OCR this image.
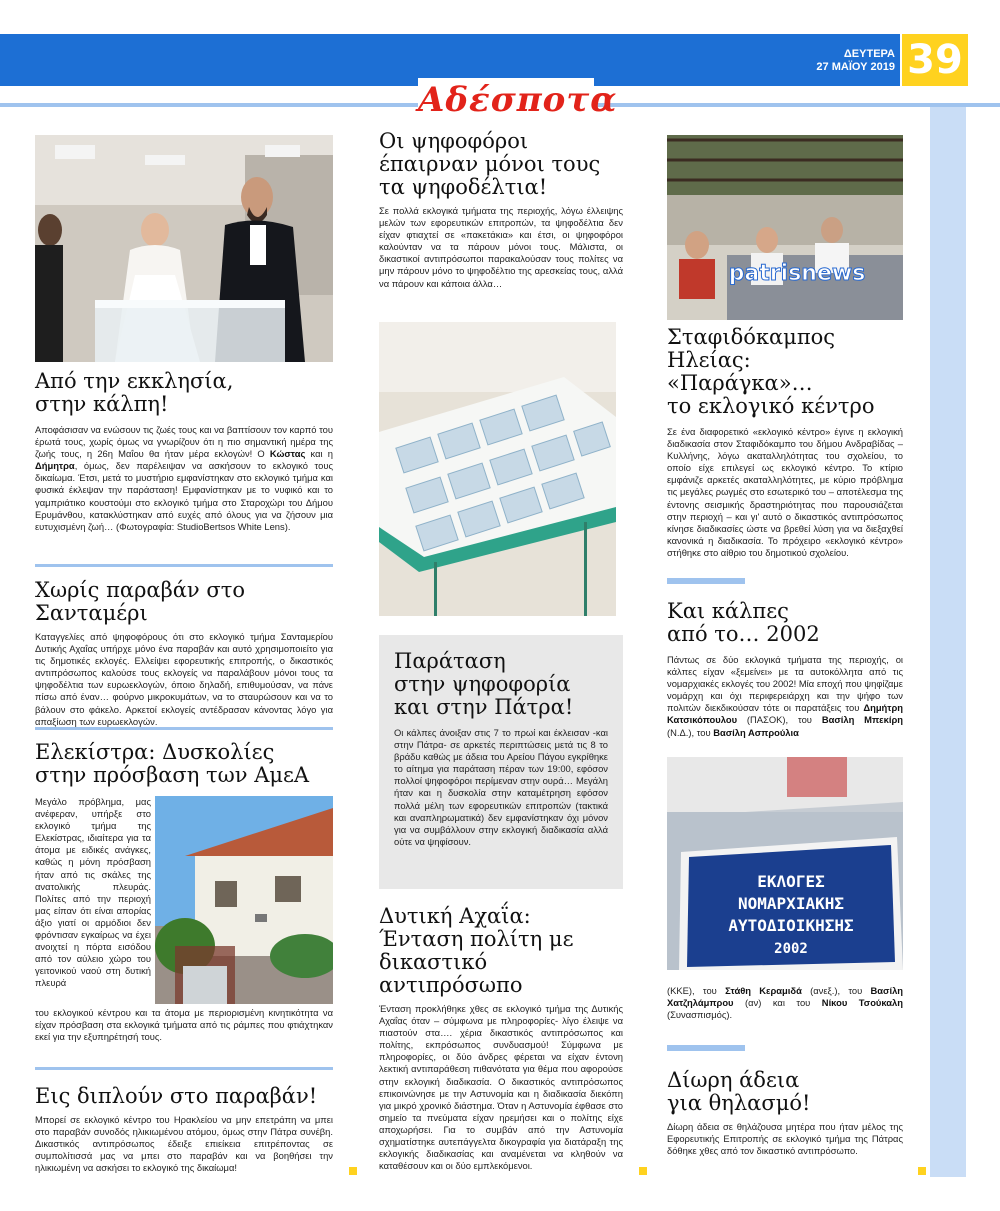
ΔΕΥΤΕΡΑ
27 ΜΑΪΟΥ 2019 39
Αδέσποτα
Από την εκκλησία,
στην κάλπη!
Αποφάσισαν να ενώσουν τις ζωές τους και να βαπτίσουν τον καρπό του έρωτά τους, χωρίς όμως να γνωρίζουν ότι η πιο σημαντική ημέρα της ζωής τους, η 26η Μαΐου θα ήταν μέρα εκλογών! Ο Κώστας και η Δήμητρα, όμως, δεν παρέλειψαν να ασκήσουν το εκλογικό τους δικαίωμα. Έτσι, μετά το μυστήριο εμφανίστηκαν στο εκλογικό τμήμα και φυσικά έκλεψαν την παράσταση! Εμφανίστηκαν με το νυφικό και το γαμπριάτικο κουστούμι στο εκλογικό τμήμα στο Σταροχώρι του Δήμου Ερυμάνθου, κατακλύστηκαν από ευχές από όλους για να ζήσουν μια ευτυχισμένη ζωή… (Φωτογραφία: StudioBertsos White Lens).
Χωρίς παραβάν στο Σανταμέρι
Καταγγελίες από ψηφοφόρους ότι στο εκλογικό τμήμα Σανταμερίου Δυτικής Αχαΐας υπήρχε μόνο ένα παραβάν και αυτό χρησιμοποιείτο για τις δημοτικές εκλογές. Ελλείψει εφορευτικής επιτροπής, ο δικαστικός αντιπρόσωπος καλούσε τους εκλογείς να παραλάβουν μόνοι τους τα ψηφοδέλτια των ευρωεκλογών, όποιο δηλαδή, επιθυμούσαν, να πάνε πίσω από έναν… φούρνο μικροκυμάτων, να το σταυρώσουν και να το βάλουν στο φάκελο. Αρκετοί εκλογείς αντέδρασαν κάνοντας λόγο για απαξίωση των ευρωεκλογών.
Ελεκίστρα: Δυσκολίες
στην πρόσβαση των ΑμεΑ
Μεγάλο πρόβλημα, μας ανέφεραν, υπήρξε στο εκλογικό τμήμα της Ελεκίστρας, ιδιαίτερα για τα άτομα με ειδικές ανάγκες, καθώς η μόνη πρόσβαση ήταν από τις σκάλες της ανατολικής πλευράς. Πολίτες από την περιοχή μας είπαν ότι είναι απορίας άξιο γιατί οι αρμόδιοι δεν φρόντισαν εγκαίρως να έχει ανοιχτεί η πόρτα εισόδου από τον αύλειο χώρο του γειτονικού ναού στη δυτική πλευρά
του εκλογικού κέντρου και τα άτομα με περιορισμένη κινητικότητα να είχαν πρόσβαση στα εκλογικά τμήματα από τις ράμπες που φτιάχτηκαν εκεί για την εξυπηρέτησή τους.
Εις διπλούν στο παραβάν!
Μπορεί σε εκλογικό κέντρο του Ηρακλείου να μην επετράπη να μπει στο παραβάν συνοδός ηλικιωμένου ατόμου, όμως στην Πάτρα συνέβη. Δικαστικός αντιπρόσωπος έδειξε επιείκεια επιτρέποντας σε συμπολίτισσά μας να μπει στο παραβάν και να βοηθήσει την ηλικιωμένη να ασκήσει το εκλογικό της δικαίωμα!
Οι ψηφοφόροι
έπαιρναν μόνοι τους
τα ψηφοδέλτια!
Σε πολλά εκλογικά τμήματα της περιοχής, λόγω έλλειψης μελών των εφορευτικών επιτροπών, τα ψηφοδέλτια δεν είχαν φτιαχτεί σε «πακετάκια» και έτσι, οι ψηφοφόροι καλούνταν να τα πάρουν μόνοι τους. Μάλιστα, οι δικαστικοί αντιπρόσωποι παρακαλούσαν τους πολίτες να μην πάρουν μόνο το ψηφοδέλτιο της αρεσκείας τους, αλλά να πάρουν και κάποια άλλα…
Παράταση
στην ψηφοφορία
και στην Πάτρα!
Οι κάλπες άνοιξαν στις 7 το πρωί και έκλεισαν -και στην Πάτρα- σε αρκετές περιπτώσεις μετά τις 8 το βράδυ καθώς με άδεια του Αρείου Πάγου εγκρίθηκε το αίτημα για παράταση πέραν των 19:00, εφόσον πολλοί ψηφοφόροι περίμεναν στην ουρά… Μεγάλη ήταν και η δυσκολία στην καταμέτρηση εφόσον πολλά μέλη των εφορευτικών επιτροπών (τακτικά και αναπληρωματικά) δεν εμφανίστηκαν όχι μόνον για να συμβάλλουν στην εκλογική διαδικασία αλλά ούτε να ψηφίσουν.
Δυτική Αχαΐα:
Ένταση πολίτη με
δικαστικό αντιπρόσωπο
Ένταση προκλήθηκε χθες σε εκλογικό τμήμα της Δυτικής Αχαΐας όταν – σύμφωνα με πληροφορίες- λίγο έλειψε να πιαστούν στα…. χέρια δικαστικός αντιπρόσωπος και πολίτης, εκπρόσωπος συνδυασμού! Σύμφωνα με πληροφορίες, οι δύο άνδρες φέρεται να είχαν έντονη λεκτική αντιπαράθεση πιθανότατα για θέμα που αφορούσε στην εκλογική διαδικασία. Ο δικαστικός αντιπρόσωπος επικοινώνησε με την Αστυνομία και η διαδικασία διεκόπη για μικρό χρονικό διάστημα. Όταν η Αστυνομία έφθασε στο σημείο τα πνεύματα είχαν ηρεμήσει και ο πολίτης είχε αποχωρήσει. Για το συμβάν από την Αστυνομία σχηματίστηκε αυτεπάγγελτα δικογραφία για διατάραξη της εκλογικής διαδικασίας και αναμένεται να κληθούν να καταθέσουν και οι δύο εμπλεκόμενοι.
patrisnews
Σταφιδόκαμπος Ηλείας:
«Παράγκα»…
το εκλογικό κέντρο
Σε ένα διαφορετικό «εκλογικό κέντρο» έγινε η εκλογική διαδικασία στον Σταφιδόκαμπο του δήμου Ανδραβίδας – Κυλλήνης, λόγω ακαταλληλότητας του σχολείου, το οποίο είχε επιλεγεί ως εκλογικό κέντρο. Το κτίριο εμφάνιζε αρκετές ακαταλληλότητες, με κύριο πρόβλημα τις μεγάλες ρωγμές στο εσωτερικό του – αποτέλεσμα της έντονης σεισμικής δραστηριότητας που παρουσιάζεται στην περιοχή – και γι' αυτό ο δικαστικός αντιπρόσωπος κίνησε διαδικασίες ώστε να βρεθεί λύση για να διεξαχθεί κανονικά η διαδικασία. Το πρόχειρο «εκλογικό κέντρο» στήθηκε στο αίθριο του δημοτικού σχολείου.
Και κάλπες
από το… 2002
Πάντως σε δύο εκλογικά τμήματα της περιοχής, οι κάλπες είχαν «ξεμείνει» με τα αυτοκόλλητα από τις νομαρχιακές εκλογές του 2002! Μία εποχή που ψηφίζαμε νομάρχη και όχι περιφερειάρχη και την ψήφο των πολιτών διεκδικούσαν τότε οι παρατάξεις του Δημήτρη Κατσικόπουλου (ΠΑΣΟΚ), του Βασίλη Μπεκίρη (Ν.Δ.), του Βασίλη Ασπρούλια
ΕΚΛΟΓΕΣ
ΝΟΜΑΡΧΙΑΚΗΣ
ΑΥΤΟΔΙΟΙΚΗΣΗΣ
2002
(ΚΚΕ), του Στάθη Κεραμιδά (ανεξ.), του Βασίλη Χατζηλάμπρου (αν) και του Νίκου Τσούκαλη (Συνασπισμός).
Δίωρη άδεια
για θηλασμό!
Δίωρη άδεια σε θηλάζουσα μητέρα που ήταν μέλος της Εφορευτικής Επιτροπής σε εκλογικό τμήμα της Πάτρας δόθηκε χθες από τον δικαστικό αντιπρόσωπο.
